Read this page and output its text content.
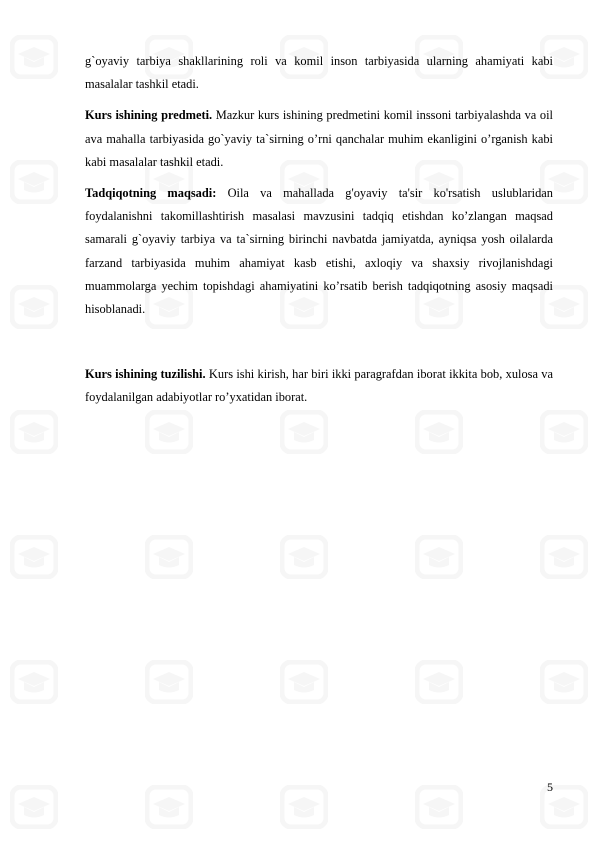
g`oyaviy tarbiya shakllarining roli va komil inson tarbiyasida ularning ahamiyati kabi masalalar tashkil etadi.

Kurs ishining predmeti. Mazkur kurs ishining predmetini komil inssoni tarbiyalashda va oil ava mahalla tarbiyasida go`yaviy ta`sirning o’rni qanchalar muhim ekanligini o’rganish kabi kabi masalalar tashkil etadi.

Tadqiqotning maqsadi: Oila va mahallada g'oyaviy ta'sir ko'rsatish uslublaridan foydalanishni takomillashtirish masalasi mavzusini tadqiq etishdan ko’zlangan maqsad samarali g`oyaviy tarbiya va ta`sirning birinchi navbatda jamiyatda, ayniqsa yosh oilalarda farzand tarbiyasida muhim ahamiyat kasb etishi, axloqiy va shaxsiy rivojlanishdagi muammolarga yechim topishdagi ahamiyatini ko’rsatib berish tadqiqotning asosiy maqsadi hisoblanadi.

Kurs ishining tuzilishi. Kurs ishi kirish, har biri ikki paragrafdan iborat ikkita bob, xulosa va foydalanilgan adabiyotlar ro’yxatidan iborat.

5
